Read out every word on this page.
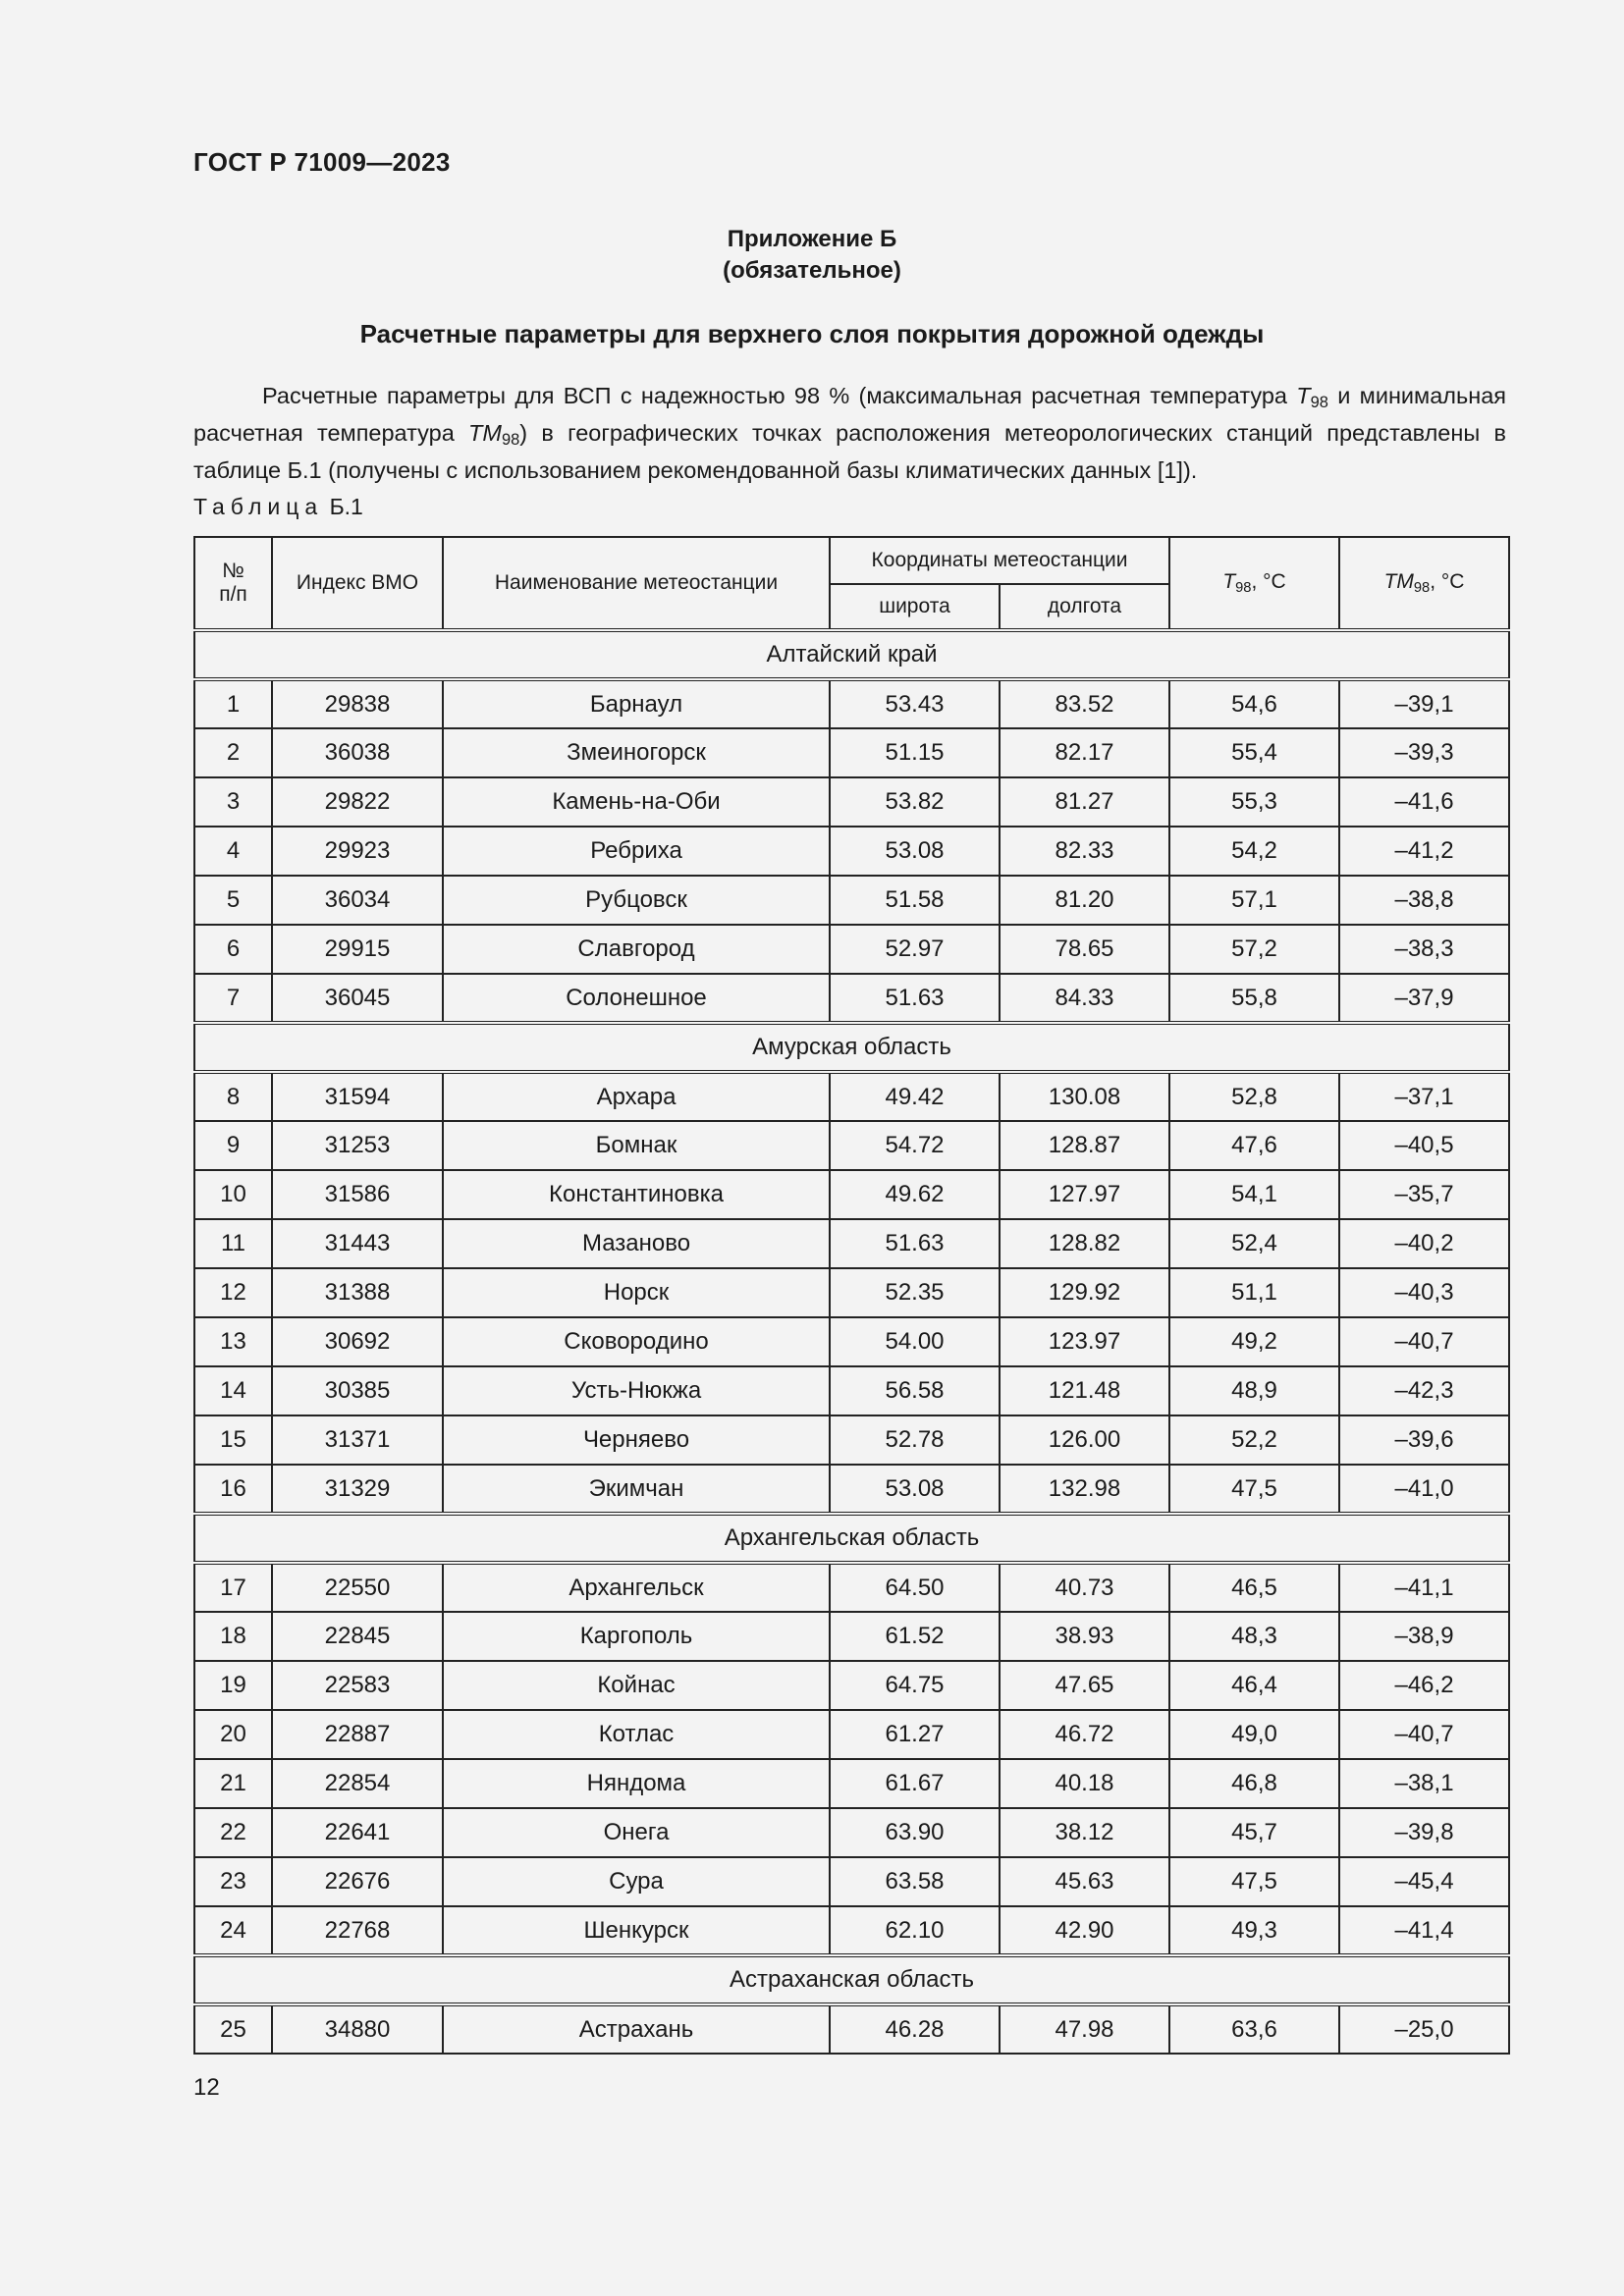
ГОСТ Р 71009—2023
Приложение Б
(обязательное)
Расчетные параметры для верхнего слоя покрытия дорожной одежды

Расчетные параметры для ВСП с надежностью 98 % (максимальная расчетная температура $T_{98}$ и минимальная расчетная температура $TM_{98}$) в географических точках расположения метеорологических станций представлены в таблице Б.1 (получены с использованием рекомендованной базы климатических данных [1]).

Таблица Б.1
№
п/п	Индекс ВМО	Наименование метеостанции	Координаты метеостанции		$T_{98}$, °C	$TM_{98}$, °C
			широта	долгота		
Алтайский край						
1	29838	Барнаул	53.43	83.52	54,6	–39,1
2	36038	Змеиногорск	51.15	82.17	55,4	–39,3
3	29822	Камень-на-Оби	53.82	81.27	55,3	–41,6
4	29923	Ребриха	53.08	82.33	54,2	–41,2
5	36034	Рубцовск	51.58	81.20	57,1	–38,8
6	29915	Славгород	52.97	78.65	57,2	–38,3
7	36045	Солонешное	51.63	84.33	55,8	–37,9
Амурская область						
8	31594	Архара	49.42	130.08	52,8	–37,1
9	31253	Бомнак	54.72	128.87	47,6	–40,5
10	31586	Константиновка	49.62	127.97	54,1	–35,7
11	31443	Мазаново	51.63	128.82	52,4	–40,2
12	31388	Норск	52.35	129.92	51,1	–40,3
13	30692	Сковородино	54.00	123.97	49,2	–40,7
14	30385	Усть-Нюкжа	56.58	121.48	48,9	–42,3
15	31371	Черняево	52.78	126.00	52,2	–39,6
16	31329	Экимчан	53.08	132.98	47,5	–41,0
Архангельская область						
17	22550	Архангельск	64.50	40.73	46,5	–41,1
18	22845	Каргополь	61.52	38.93	48,3	–38,9
19	22583	Койнас	64.75	47.65	46,4	–46,2
20	22887	Котлас	61.27	46.72	49,0	–40,7
21	22854	Няндома	61.67	40.18	46,8	–38,1
22	22641	Онега	63.90	38.12	45,7	–39,8
23	22676	Сура	63.58	45.63	47,5	–45,4
24	22768	Шенкурск	62.10	42.90	49,3	–41,4
Астраханская область						
25	34880	Астрахань	46.28	47.98	63,6	–25,0
12
